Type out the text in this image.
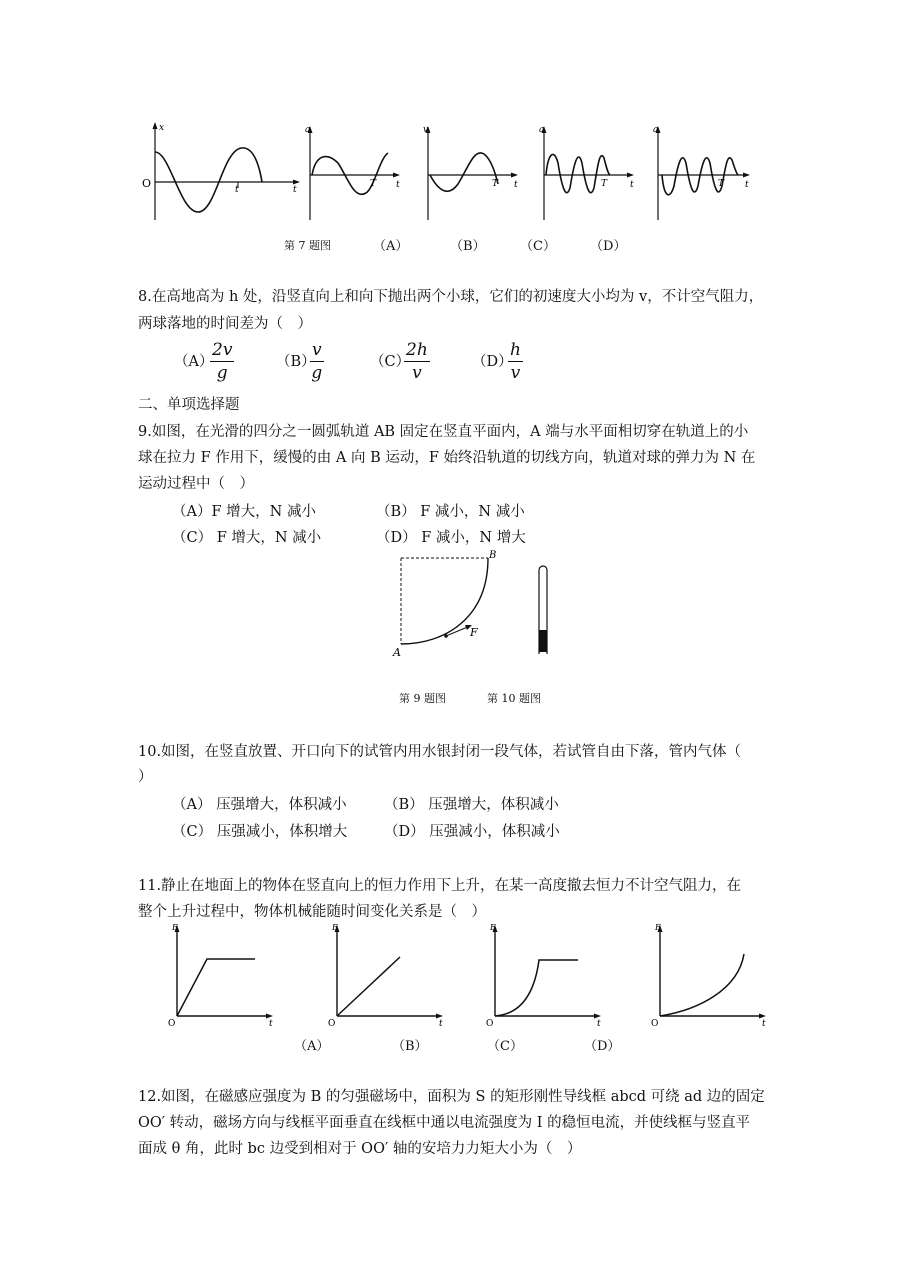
x
O	t
t
a
t
T
v
t
T
a
t
T
a
t
T
第 7 题图	（A）	（B）	（C）	（D）
8.在高地高为 h 处，沿竖直向上和向下抛出两个小球，它们的初速度大小均为 v，不计空气阻力，
两球落地的时间差为（　）
（A）
$\frac{2v}{g}$	（B）
$\frac{v}{g}$	（C）
$\frac{2h}{v}$	（D）
$\frac{h}{v}$
二、单项选择题
9.如图，在光滑的四分之一圆弧轨道 AB 固定在竖直平面内，A 端与水平面相切穿在轨道上的小
球在拉力 F 作用下，缓慢的由 A 向 B 运动，F 始终沿轨道的切线方向，轨道对球的弹力为 N 在
运动过程中（　）
（A）F 增大，N 减小	（B） F 减小，N 减小
（C） F 增大，N 减小	（D） F 减小，N 增大
A
B
F
第 9 题图	第 10 题图
10.如图，在竖直放置、开口向下的试管内用水银封闭一段气体，若试管自由下落，管内气体（
）
（A） 压强增大，体积减小	（B） 压强增大，体积减小
（C） 压强减小，体积增大	（D） 压强减小，体积减小
11.静止在地面上的物体在竖直向上的恒力作用下上升，在某一高度撤去恒力不计空气阻力，在
整个上升过程中，物体机械能随时间变化关系是（　）
E
O	t
E
O	t
E
O	t
E
O	t
（A）	（B）	（C）	（D）
12.如图，在磁感应强度为 B 的匀强磁场中，面积为 S 的矩形刚性导线框 abcd 可绕 ad 边的固定
OO′ 转动，磁场方向与线框平面垂直在线框中通以电流强度为 I 的稳恒电流，并使线框与竖直平
面成 θ 角，此时 bc 边受到相对于 OO′ 轴的安培力力矩大小为（　）
